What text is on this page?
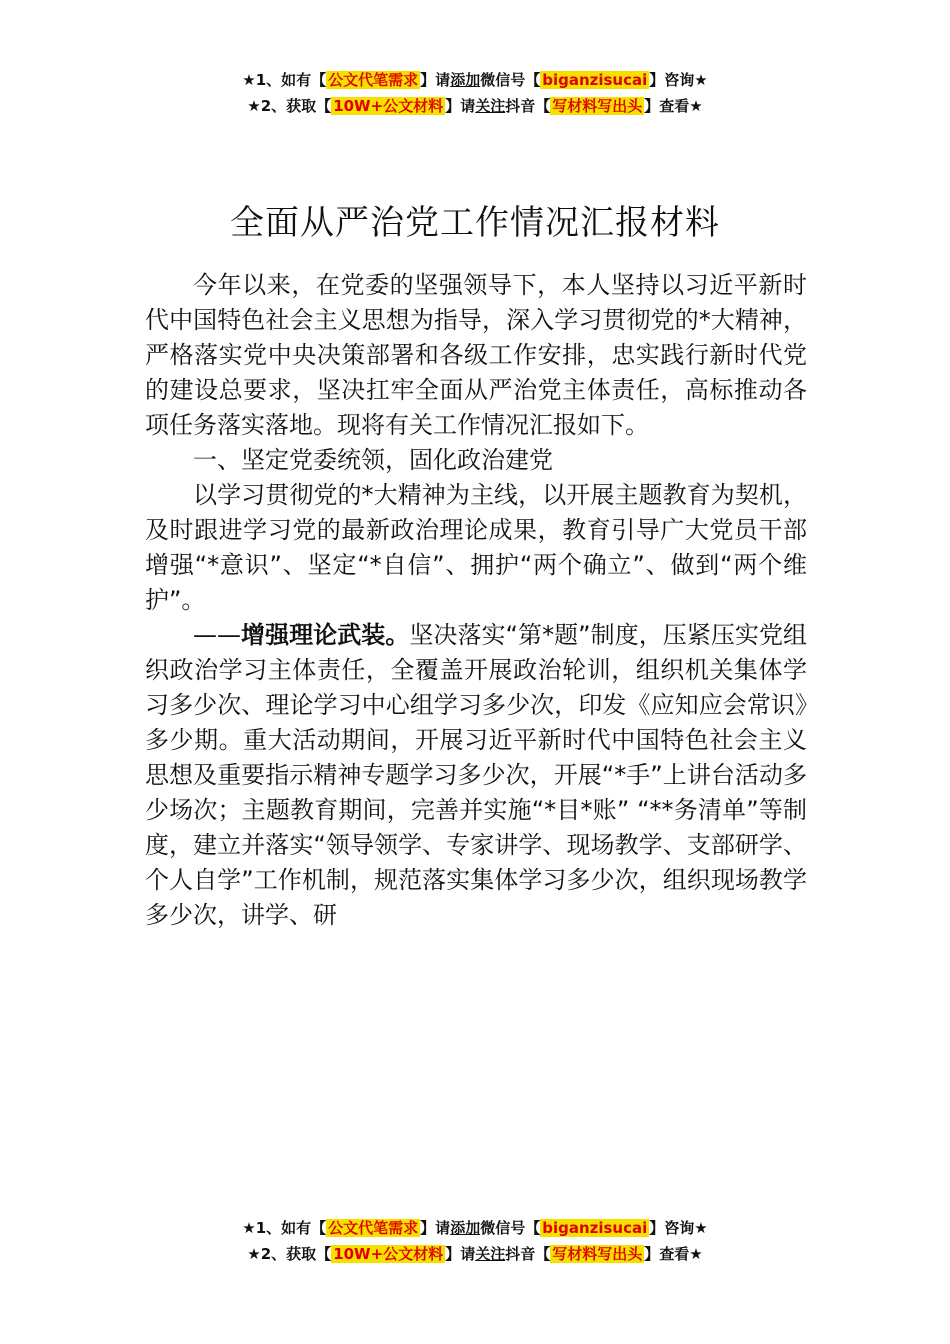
★1、如有【 公文代笔需求 】请添加微信号【 biganzisucai 】咨询★
★2、获取【 10W+公文材料 】请关注抖音【 写材料写出头 】查看★
全面从严治党工作情况汇报材料

今年以来，在党委的坚强领导下，本人坚持以习近平新时代中国特色社会主义思想为指导，深入学习贯彻党的*大精神，严格落实党中央决策部署和各级工作安排，忠实践行新时代党的建设总要求，坚决扛牢全面从严治党主体责任，高标推动各项任务落实落地。现将有关工作情况汇报如下。

一、坚定党委统领，固化政治建党

以学习贯彻党的*大精神为主线，以开展主题教育为契机，及时跟进学习党的最新政治理论成果，教育引导广大党员干部增强“*意识”、坚定“*自信”、拥护“两个确立”、做到“两个维护”。

——增强理论武装。坚决落实“第*题”制度，压紧压实党组织政治学习主体责任，全覆盖开展政治轮训，组织机关集体学习多少次、理论学习中心组学习多少次，印发《应知应会常识》多少期。重大活动期间，开展习近平新时代中国特色社会主义思想及重要指示精神专题学习多少次，开展“*手”上讲台活动多少场次；主题教育期间，完善并实施“*目*账” “**务清单”等制度，建立并落实“领导领学、专家讲学、现场教学、支部研学、个人自学”工作机制，规范落实集体学习多少次，组织现场教学多少次，讲学、研

★1、如有【 公文代笔需求 】请添加微信号【 biganzisucai 】咨询★
★2、获取【 10W+公文材料 】请关注抖音【 写材料写出头 】查看★
